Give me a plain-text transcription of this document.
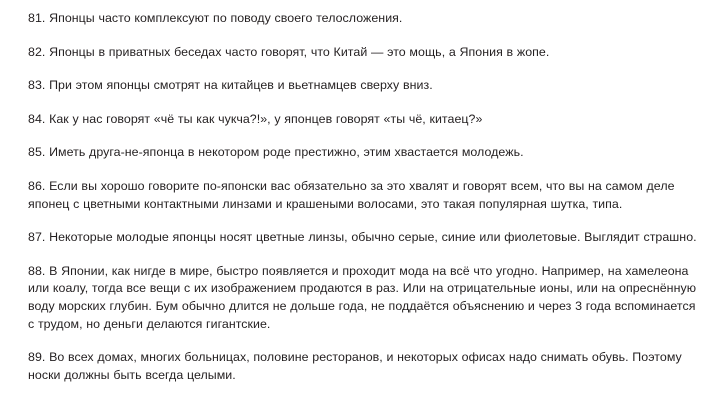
81. Японцы часто комплексуют по поводу своего телосложения.

82. Японцы в приватных беседах часто говорят, что Китай — это мощь, а Япония в жопе.

83. При этом японцы смотрят на китайцев и вьетнамцев сверху вниз.

84. Как у нас говорят «чё ты как чукча?!», у японцев говорят «ты чё, китаец?»

85. Иметь друга-не-японца в некотором роде престижно, этим хвастается молодежь.

86. Если вы хорошо говорите по-японски вас обязательно за это хвалят и говорят всем, что вы на самом деле японец с цветными контактными линзами и крашеными волосами, это такая популярная шутка, типа.

87. Некоторые молодые японцы носят цветные линзы, обычно серые, синие или фиолетовые. Выглядит страшно.

88. В Японии, как нигде в мире, быстро появляется и проходит мода на всё что угодно. Например, на хамелеона или коалу, тогда все вещи с их изображением продаются в раз. Или на отрицательные ионы, или на опреснённую воду морских глубин. Бум обычно длится не дольше года, не поддаётся объяснению и через 3 года вспоминается с трудом, но деньги делаются гигантские.

89. Во всех домах, многих больницах, половине ресторанов, и некоторых офисах надо снимать обувь. Поэтому носки должны быть всегда целыми.
